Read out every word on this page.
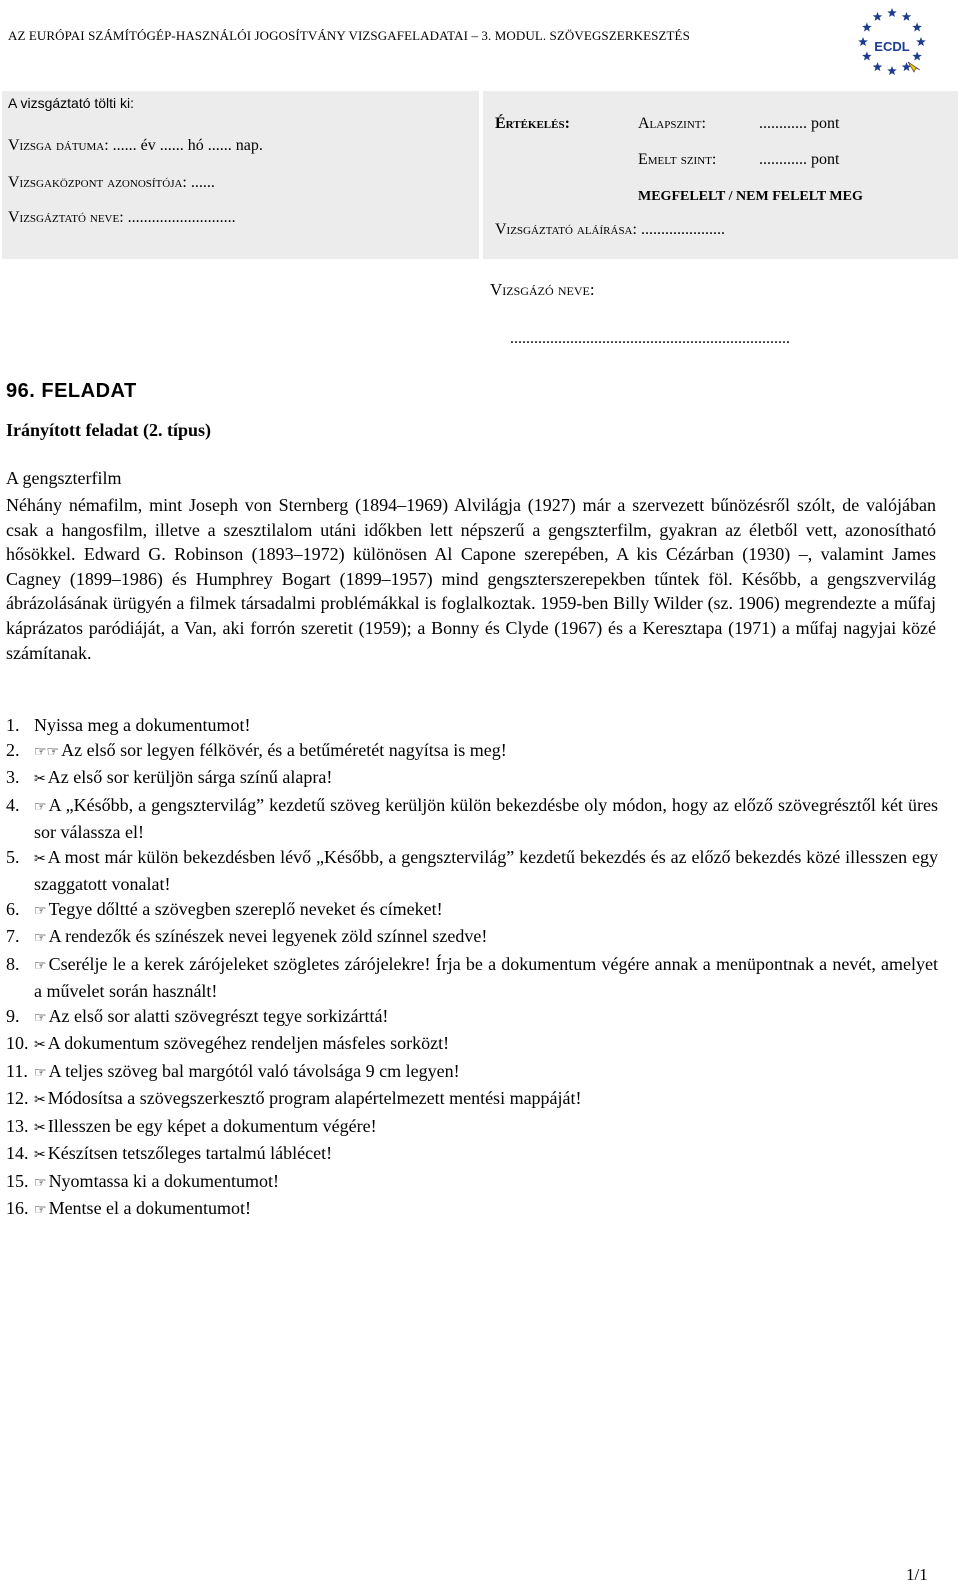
AZ EURÓPAI SZÁMÍTÓGÉP-HASZNÁLÓI JOGOSÍTVÁNY VIZSGAFELADATAI – 3. MODUL. SZÖVEGSZERKESZTÉS
ECDL
A vizsgáztató tölti ki:
Vizsga dátuma: ...... év ...... hó ...... nap.
Vizsgaközpont azonosítója: ......
Vizsgáztató neve: ...........................
Értékelés:	Alapszint:	............ pont
Emelt szint:	............ pont
MEGFELELT / NEM FELELT MEG
Vizsgáztató aláírása: .....................
Vizsgázó neve:
......................................................................
96. FELADAT
Irányított feladat (2. típus)
A gengszterfilm
Néhány némafilm, mint Joseph von Sternberg (1894–1969) Alvilágja (1927) már a szervezett bűnözésről szólt, de valójában csak a hangosfilm, illetve a szesztilalom utáni időkben lett népszerű a gengszterfilm, gyakran az életből vett, azonosítható hősökkel. Edward G. Robinson (1893–1972) különösen Al Capone szerepében, A kis Cézárban (1930) –, valamint James Cagney (1899–1986) és Humphrey Bogart (1899–1957) mind gengszterszerepekben tűntek föl. Később, a gengszvervilág ábrázolásának ürügyén a filmek társadalmi problémákkal is foglalkoztak. 1959-ben Billy Wilder (sz. 1906) megrendezte a műfaj káprázatos paródiáját, a Van, aki forrón szeretit (1959); a Bonny és Clyde (1967) és a Keresztapa (1971) a műfaj nagyjai közé számítanak.
1. Nyissa meg a dokumentumot!
2. ☞☞ Az első sor legyen félkövér, és a betűméretét nagyítsa is meg!
3. ✂ Az első sor kerüljön sárga színű alapra!
4. ☞ A „Később, a gengsztervilág” kezdetű szöveg kerüljön külön bekezdésbe oly módon, hogy az előző szövegrésztől két üres sor válassza el!
5. ✂ A most már külön bekezdésben lévő „Később, a gengsztervilág” kezdetű bekezdés és az előző bekezdés közé illesszen egy szaggatott vonalat!
6. ☞ Tegye dőltté a szövegben szereplő neveket és címeket!
7. ☞ A rendezők és színészek nevei legyenek zöld színnel szedve!
8. ☞ Cserélje le a kerek zárójeleket szögletes zárójelekre! Írja be a dokumentum végére annak a menüpontnak a nevét, amelyet a művelet során használt!
9. ☞ Az első sor alatti szövegrészt tegye sorkizárttá!
10. ✂ A dokumentum szövegéhez rendeljen másfeles sorközt!
11. ☞ A teljes szöveg bal margótól való távolsága 9 cm legyen!
12. ✂ Módosítsa a szövegszerkesztő program alapértelmezett mentési mappáját!
13. ✂ Illesszen be egy képet a dokumentum végére!
14. ✂ Készítsen tetszőleges tartalmú láblécet!
15. ☞ Nyomtassa ki a dokumentumot!
16. ☞ Mentse el a dokumentumot!
1/1
